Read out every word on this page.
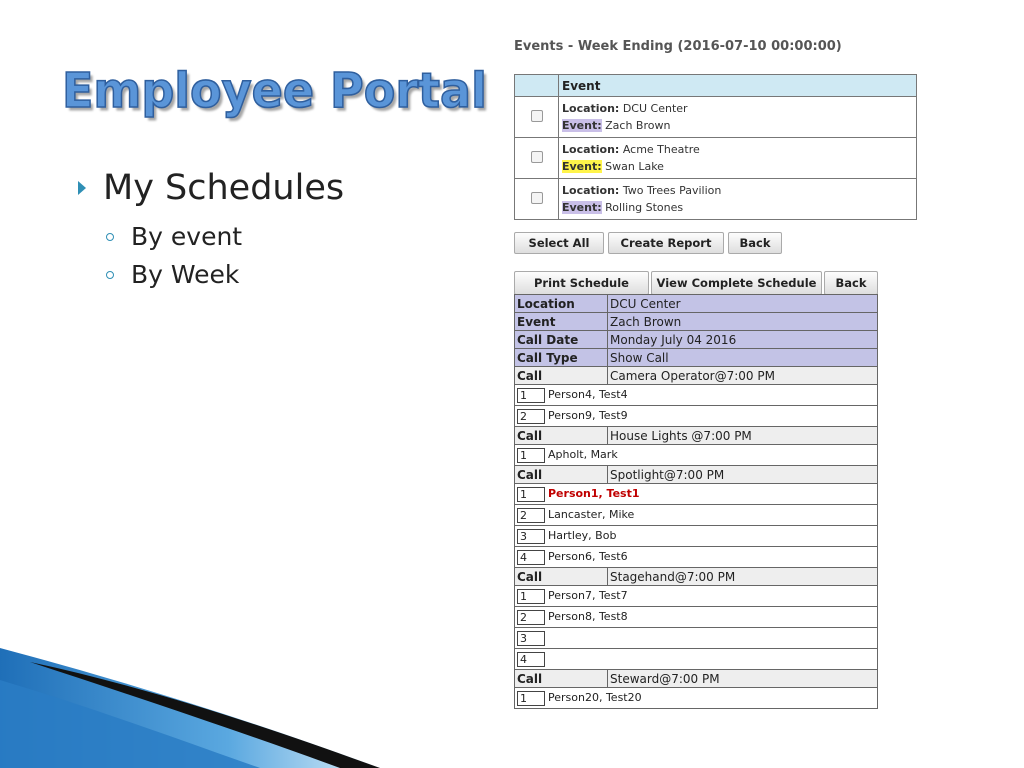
Employee Portal
My Schedules
By event
By Week
Events - Week Ending (2016-07-10 00:00:00)
	Event
	Location: DCU Center
Event: Zach Brown
	Location: Acme Theatre
Event: Swan Lake
	Location: Two Trees Pavilion
Event: Rolling Stones
Select All	Create Report	Back
Print Schedule	View Complete Schedule	Back
Location	DCU Center
Event	Zach Brown
Call Date	Monday July 04 2016
Call Type	Show Call
Call	Camera Operator@7:00 PM
1 Person4, Test4	
2 Person9, Test9	
Call	House Lights @7:00 PM
1 Apholt, Mark	
Call	Spotlight@7:00 PM
1 Person1, Test1	
2 Lancaster, Mike	
3 Hartley, Bob	
4 Person6, Test6	
Call	Stagehand@7:00 PM
1 Person7, Test7	
2 Person8, Test8	
3	
4	
Call	Steward@7:00 PM
1 Person20, Test20	
